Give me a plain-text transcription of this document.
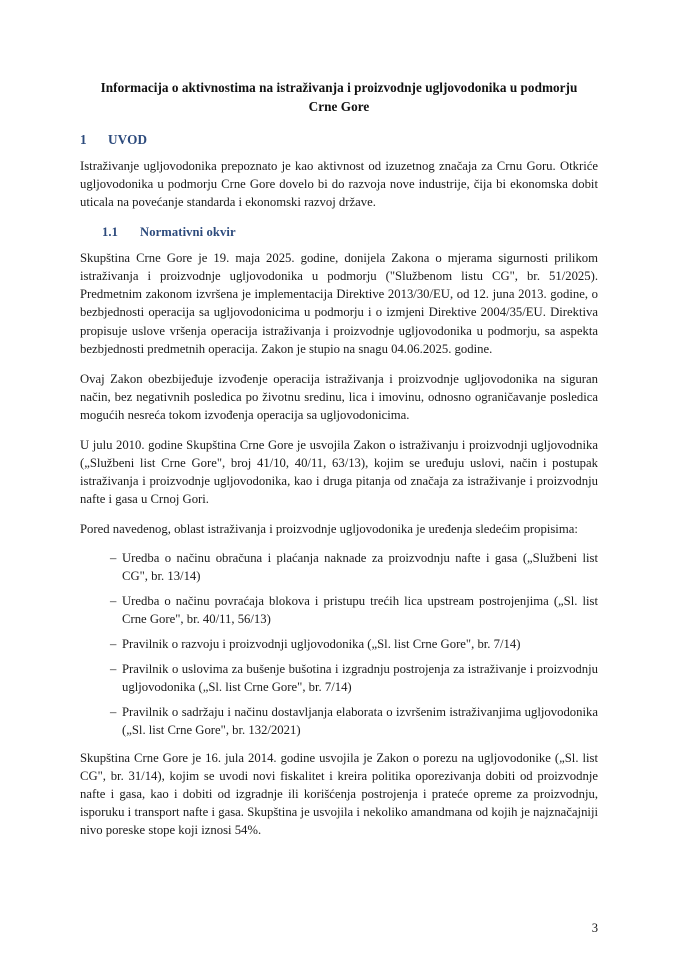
Informacija o aktivnostima na istraživanja i proizvodnje ugljovodonika u podmorju Crne Gore
1	UVOD

Istraživanje ugljovodonika prepoznato je kao aktivnost od izuzetnog značaja za Crnu Goru. Otkriće ugljovodonika u podmorju Crne Gore dovelo bi do razvoja nove industrije, čija bi ekonomska dobit uticala na povećanje standarda i ekonomski razvoj države.

1.1	Normativni okvir

Skupština Crne Gore je 19. maja 2025. godine, donijela Zakona o mjerama sigurnosti prilikom istraživanja i proizvodnje ugljovodonika u podmorju ("Službenom listu CG", br. 51/2025). Predmetnim zakonom izvršena je implementacija Direktive 2013/30/EU, od 12. juna 2013. godine, o bezbjednosti operacija sa ugljovodonicima u podmorju i o izmjeni Direktive 2004/35/EU. Direktiva propisuje uslove vršenja operacija istraživanja i proizvodnje ugljovodonika u podmorju, sa aspekta bezbjednosti predmetnih operacija. Zakon je stupio na snagu 04.06.2025. godine.

Ovaj Zakon obezbijeđuje izvođenje operacija istraživanja i proizvodnje ugljovodonika na siguran način, bez negativnih posledica po životnu sredinu, lica i imovinu, odnosno ograničavanje posledica mogućih nesreća tokom izvođenja operacija sa ugljovodonicima.

U julu 2010. godine Skupština Crne Gore je usvojila Zakon o istraživanju i proizvodnji ugljovodnika („Službeni list Crne Gore", broj 41/10, 40/11, 63/13), kojim se uređuju uslovi, način i postupak istraživanja i proizvodnje ugljovodonika, kao i druga pitanja od značaja za istraživanje i proizvodnju nafte i gasa u Crnoj Gori.

Pored navedenog, oblast istraživanja i proizvodnje ugljovodonika je uređenja sledećim propisima:

– Uredba o načinu obračuna i plaćanja naknade za proizvodnju nafte i gasa („Službeni list CG", br. 13/14)
– Uredba o načinu povraćaja blokova i pristupu trećih lica upstream postrojenjima („Sl. list Crne Gore", br. 40/11, 56/13)
– Pravilnik o razvoju i proizvodnji ugljovodonika („Sl. list Crne Gore", br. 7/14)
– Pravilnik o uslovima za bušenje bušotina i izgradnju postrojenja za istraživanje i proizvodnju ugljovodonika („Sl. list Crne Gore", br. 7/14)
– Pravilnik o sadržaju i načinu dostavljanja elaborata o izvršenim istraživanjima ugljovodonika („Sl. list Crne Gore", br. 132/2021)

Skupština Crne Gore je 16. jula 2014. godine usvojila je Zakon o porezu na ugljovodonike („Sl. list CG", br. 31/14), kojim se uvodi novi fiskalitet i kreira politika oporezivanja dobiti od proizvodnje nafte i gasa, kao i dobiti od izgradnje ili korišćenja postrojenja i prateće opreme za proizvodnju, isporuku i transport nafte i gasa. Skupština je usvojila i nekoliko amandmana od kojih je najznačajniji nivo poreske stope koji iznosi 54%.

3
